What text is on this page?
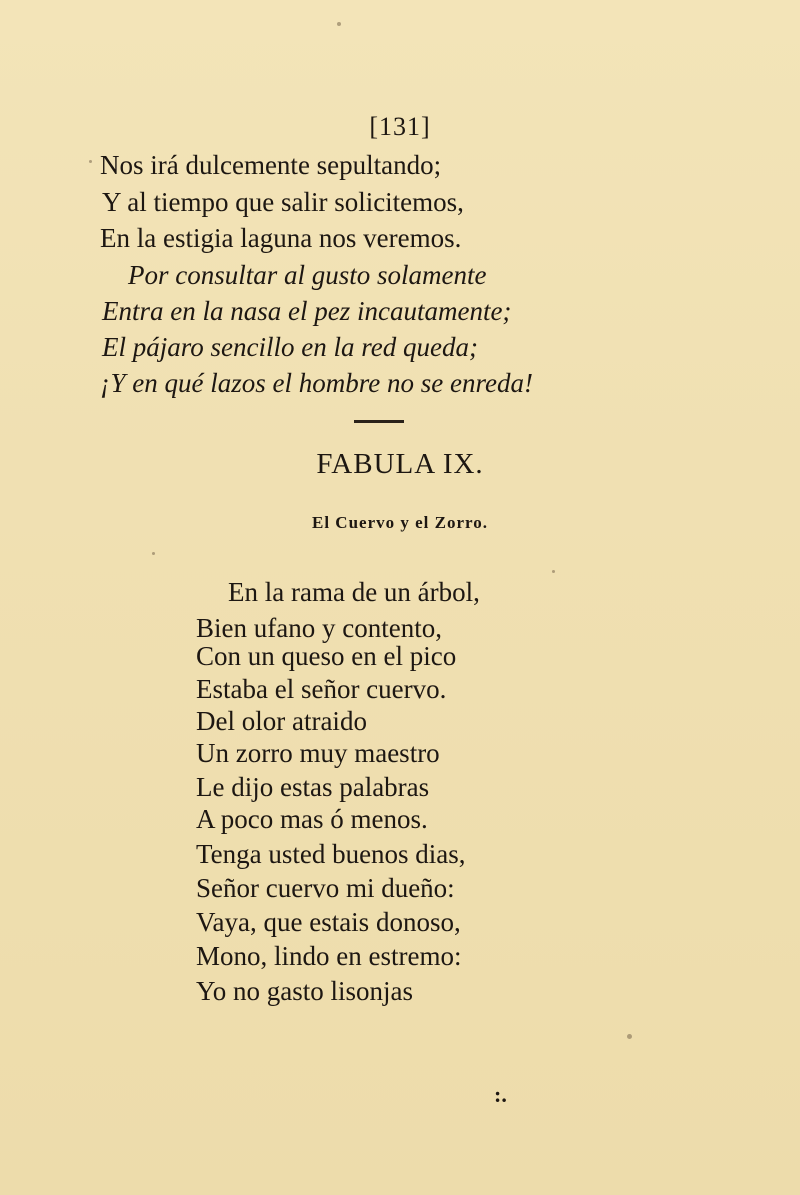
[131]
Nos irá dulcemente sepultando;
Y al tiempo que salir solicitemos,
En la estigia laguna nos veremos.
Por consultar al gusto solamente
Entra en la nasa el pez incautamente;
El pájaro sencillo en la red queda;
¡Y en qué lazos el hombre no se enreda!
FABULA IX.
El Cuervo y el Zorro.
En la rama de un árbol,
Bien ufano y contento,
Con un queso en el pico
Estaba el señor cuervo.
Del olor atraido
Un zorro muy maestro
Le dijo estas palabras
A poco mas ó menos.
Tenga usted buenos dias,
Señor cuervo mi dueño:
Vaya, que estais donoso,
Mono, lindo en estremo:
Yo no gasto lisonjas
:.
